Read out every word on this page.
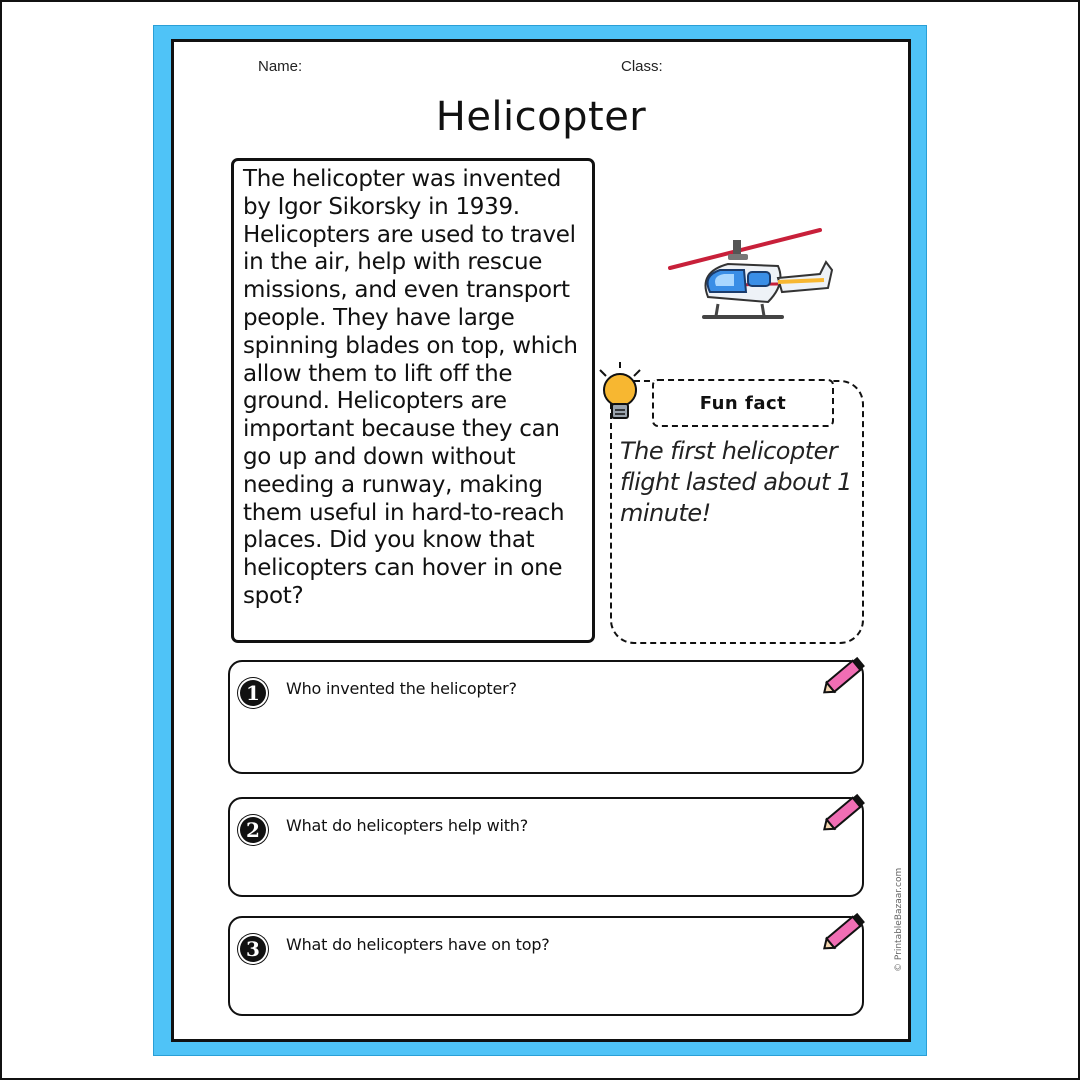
Name:	Class:
Helicopter
The helicopter was invented by Igor Sikorsky in 1939. Helicopters are used to travel in the air, help with rescue missions, and even transport people. They have large spinning blades on top, which allow them to lift off the ground. Helicopters are important because they can go up and down without needing a runway, making them useful in hard-to-reach places. Did you know that helicopters can hover in one spot?
Fun fact
The first helicopter flight lasted about 1 minute!
1	Who invented the helicopter?
2	What do helicopters help with?
3	What do helicopters have on top?	© PrintableBazaar.com
